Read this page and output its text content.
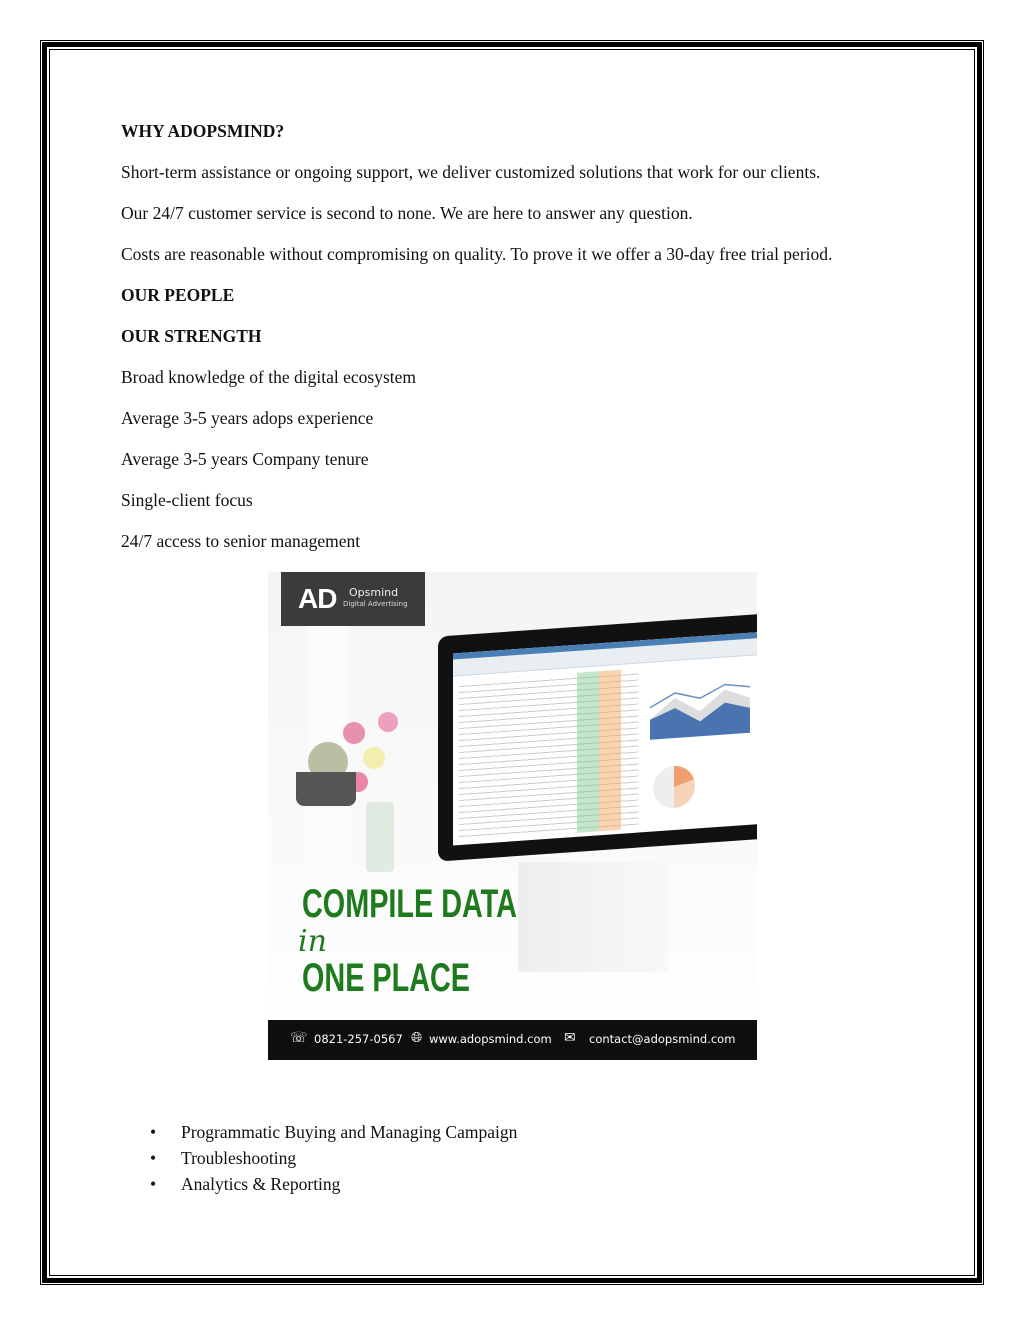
WHY ADOPSMIND?
Short-term assistance or ongoing support, we deliver customized solutions that work for our clients.
Our 24/7 customer service is second to none. We are here to answer any question.
Costs are reasonable without compromising on quality. To prove it we offer a 30-day free trial period.
OUR PEOPLE
OUR STRENGTH
Broad knowledge of the digital ecosystem
Average 3-5 years adops experience
Average 3-5 years Company tenure
Single-client focus
24/7 access to senior management
AD Opsmind
Digital Advertising
COMPILE DATA
in
ONE PLACE
☏ 0821-257-0567 🌐︎ www.adopsmind.com ✉ contact@adopsmind.com
• Programmatic Buying and Managing Campaign
• Troubleshooting
• Analytics & Reporting
